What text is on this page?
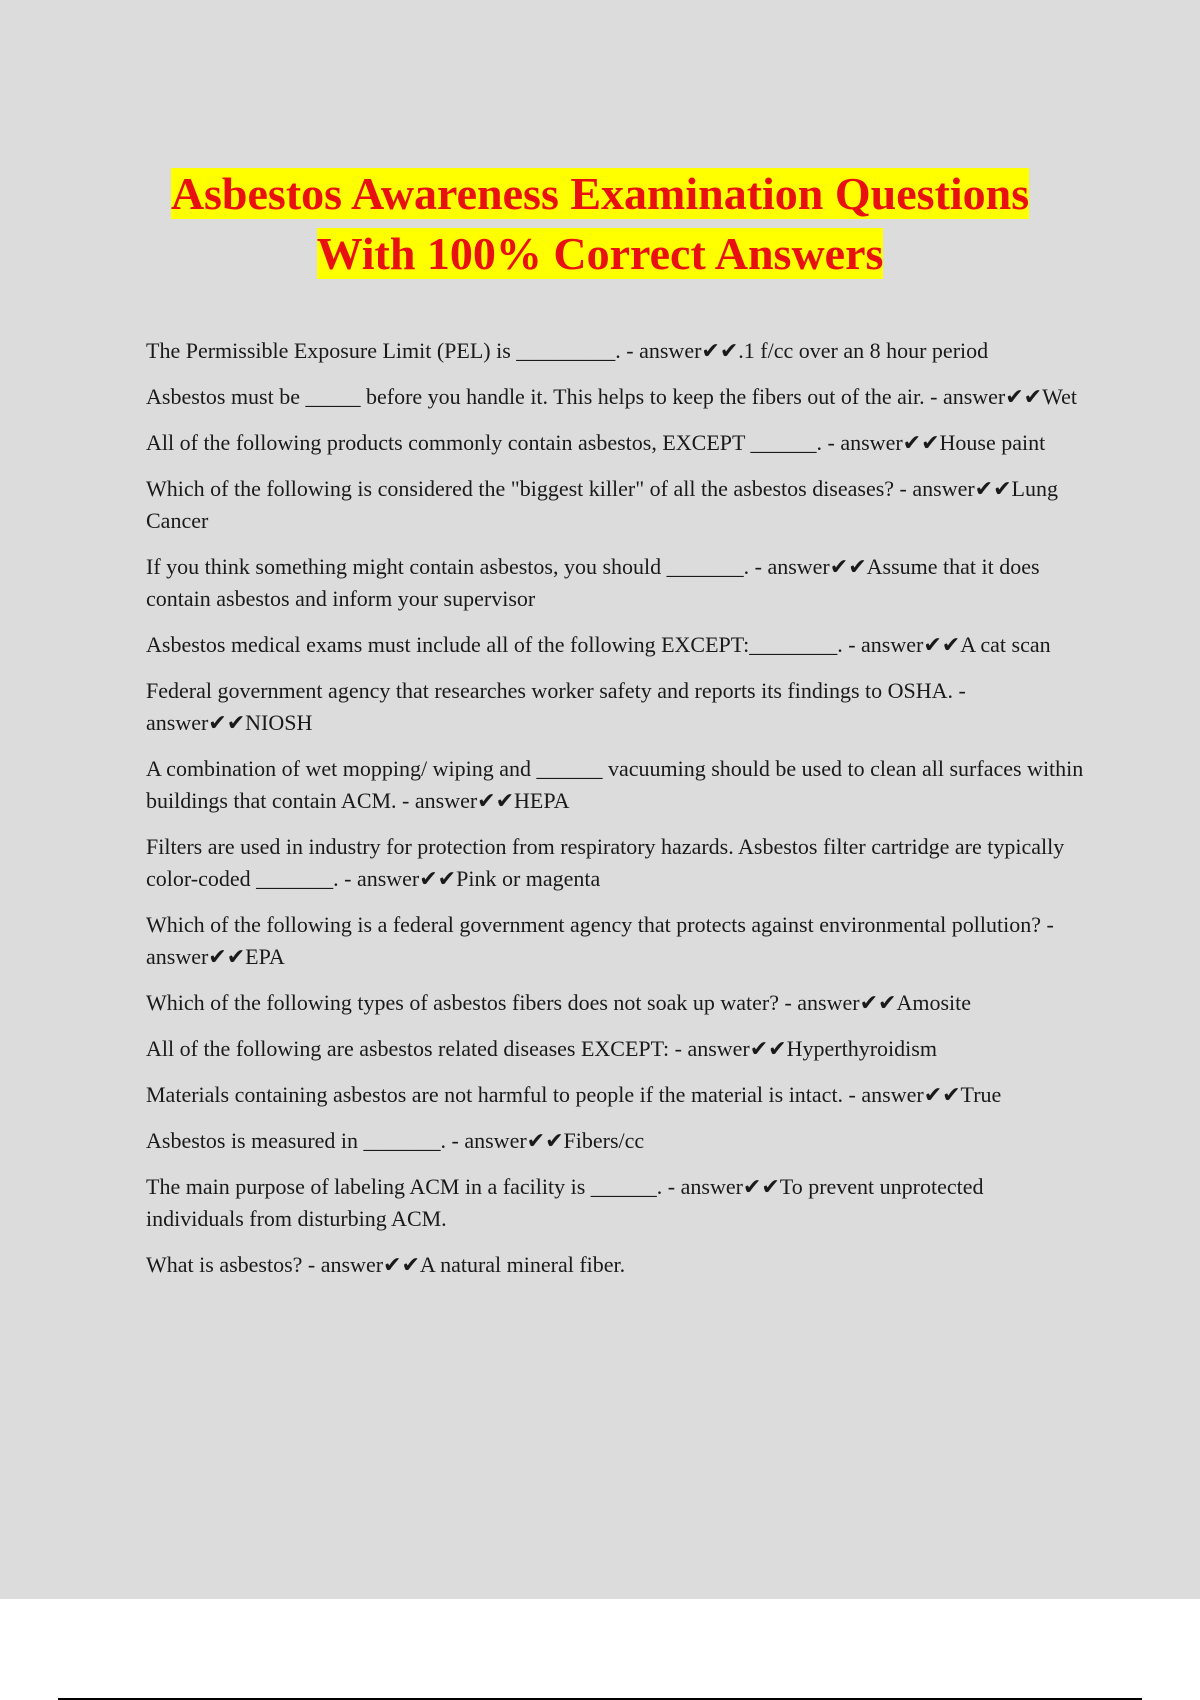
Asbestos Awareness Examination Questions
With 100% Correct Answers
The Permissible Exposure Limit (PEL) is _________. - answer✔✔.1 f/cc over an 8 hour period
Asbestos must be _____ before you handle it. This helps to keep the fibers out of the air. - answer✔✔Wet
All of the following products commonly contain asbestos, EXCEPT ______. - answer✔✔House paint
Which of the following is considered the "biggest killer" of all the asbestos diseases? - answer✔✔Lung Cancer
If you think something might contain asbestos, you should _______. - answer✔✔Assume that it does contain asbestos and inform your supervisor
Asbestos medical exams must include all of the following EXCEPT:________. - answer✔✔A cat scan
Federal government agency that researches worker safety and reports its findings to OSHA. - answer✔✔NIOSH
A combination of wet mopping/ wiping and ______ vacuuming should be used to clean all surfaces within buildings that contain ACM. - answer✔✔HEPA
Filters are used in industry for protection from respiratory hazards. Asbestos filter cartridge are typically color-coded _______. - answer✔✔Pink or magenta
Which of the following is a federal government agency that protects against environmental pollution? - answer✔✔EPA
Which of the following types of asbestos fibers does not soak up water? - answer✔✔Amosite
All of the following are asbestos related diseases EXCEPT: - answer✔✔Hyperthyroidism
Materials containing asbestos are not harmful to people if the material is intact. - answer✔✔True
Asbestos is measured in _______. - answer✔✔Fibers/cc
The main purpose of labeling ACM in a facility is ______. - answer✔✔To prevent unprotected individuals from disturbing ACM.
What is asbestos? - answer✔✔A natural mineral fiber.
